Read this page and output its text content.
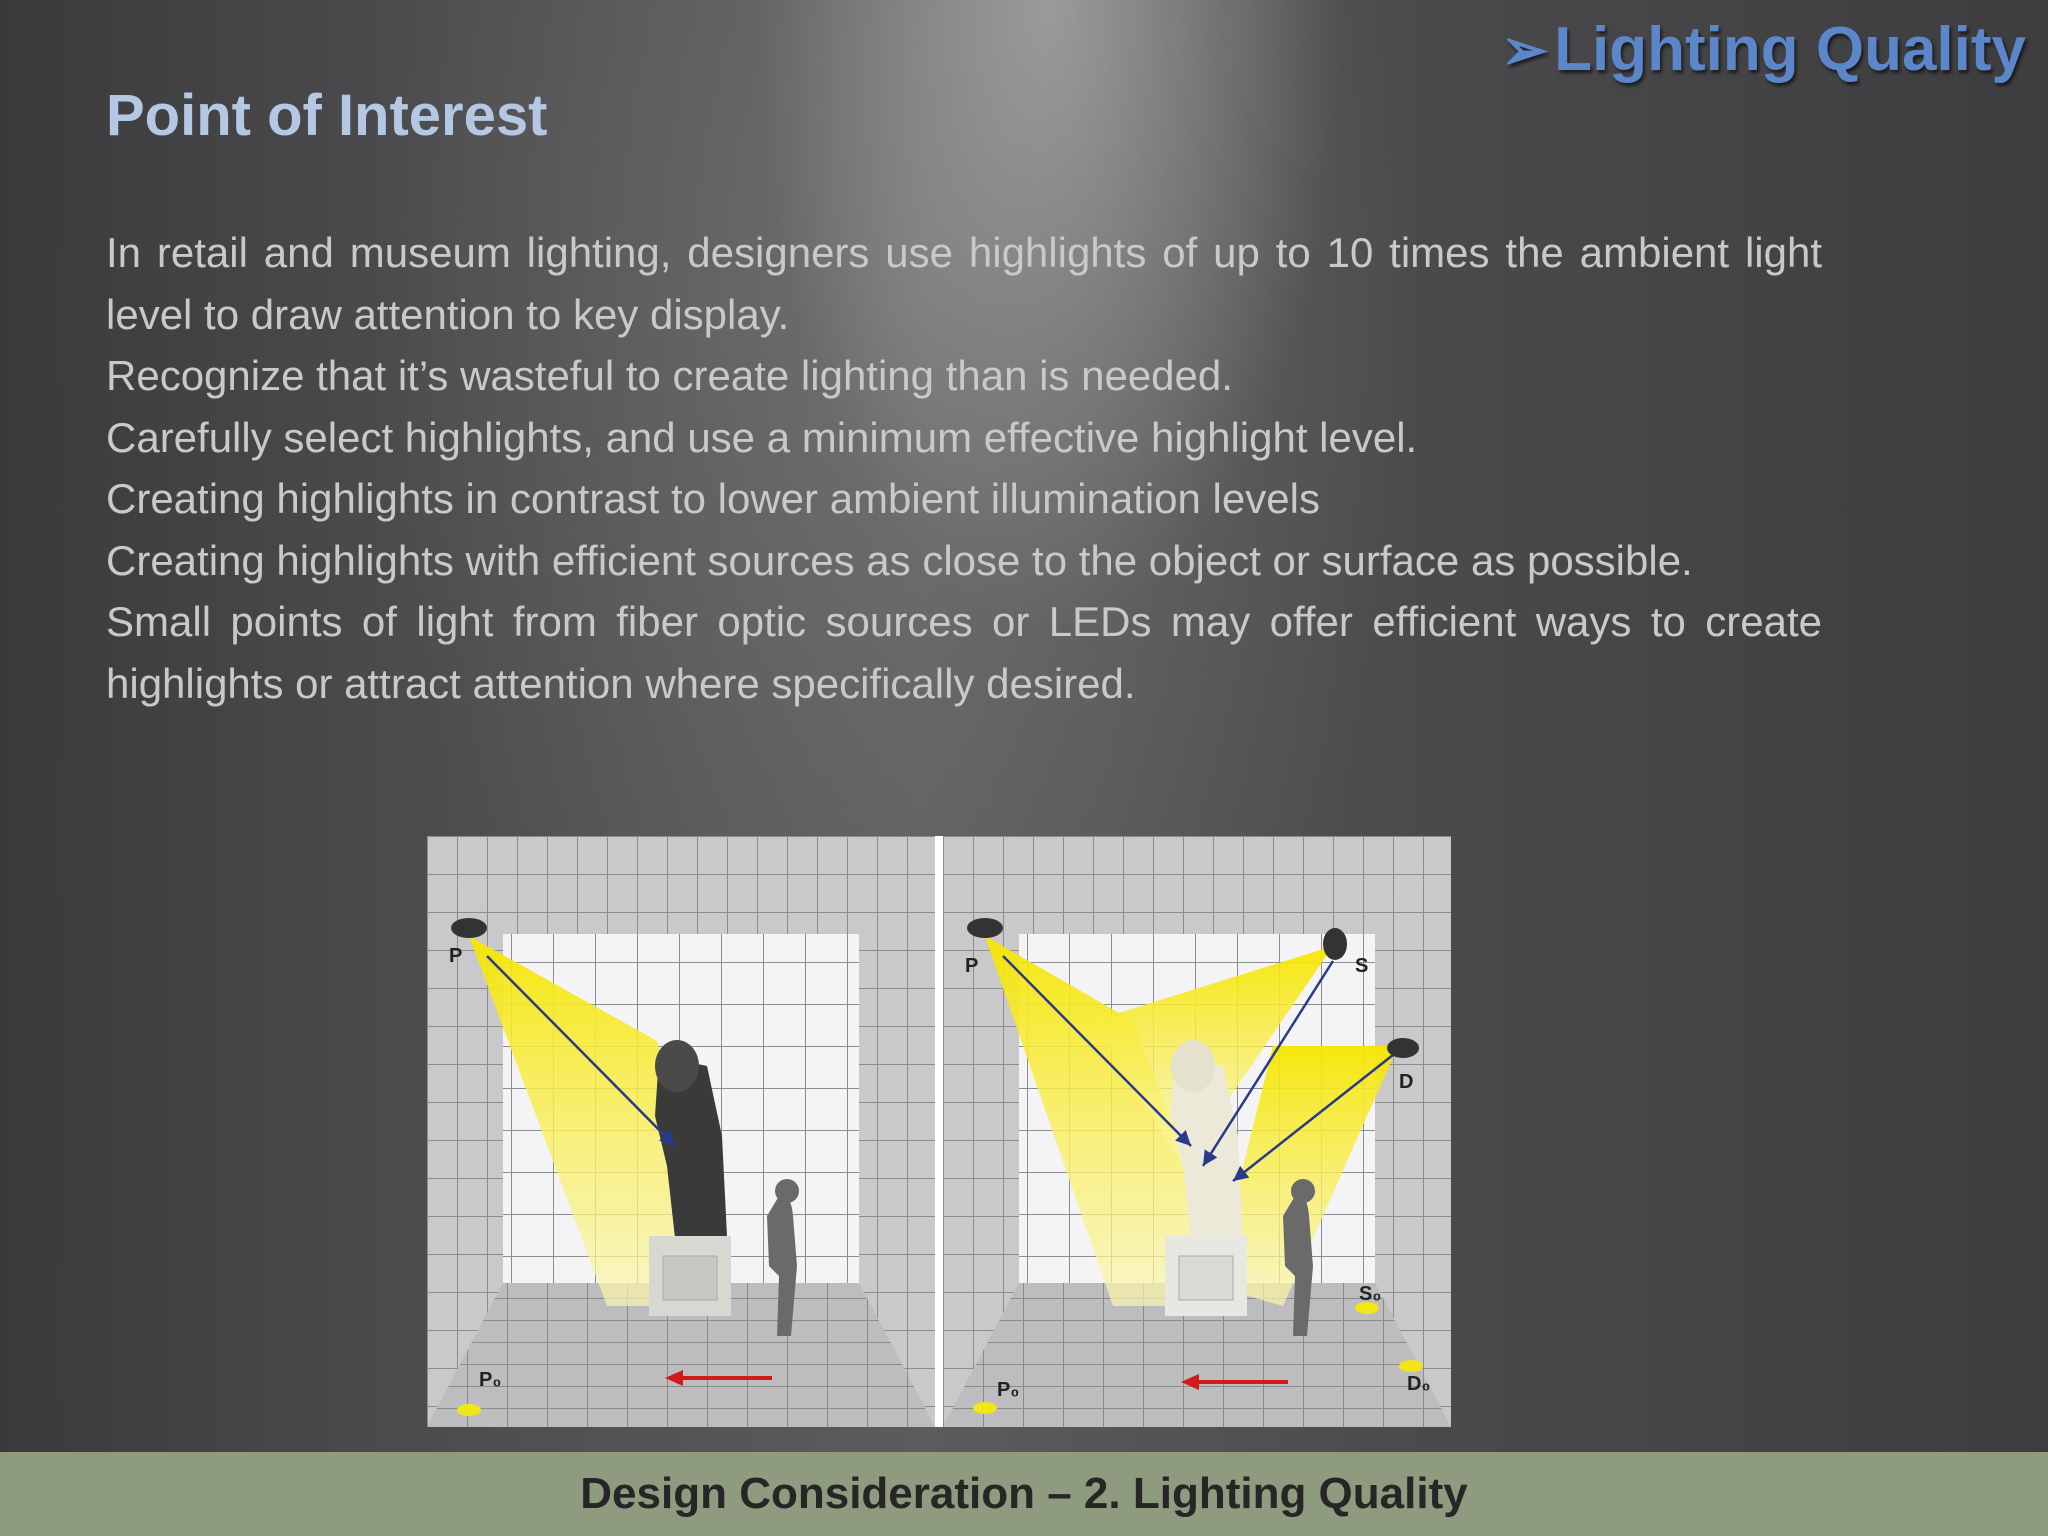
➢ Lighting Quality
Point of Interest

In retail and museum lighting, designers use highlights of up to 10 times the ambient light level to draw attention to key display.

Recognize that it’s wasteful to create lighting than is needed.

Carefully select highlights, and use a minimum effective highlight level.

Creating highlights in contrast to lower ambient illumination levels

Creating highlights with efficient sources as close to the object or surface as possible.

Small points of light from fiber optic sources or LEDs may offer efficient ways to create highlights or attract attention where specifically desired.

P
P₀
P	S
D
P₀
S₀
D₀
Design Consideration – 2. Lighting Quality
